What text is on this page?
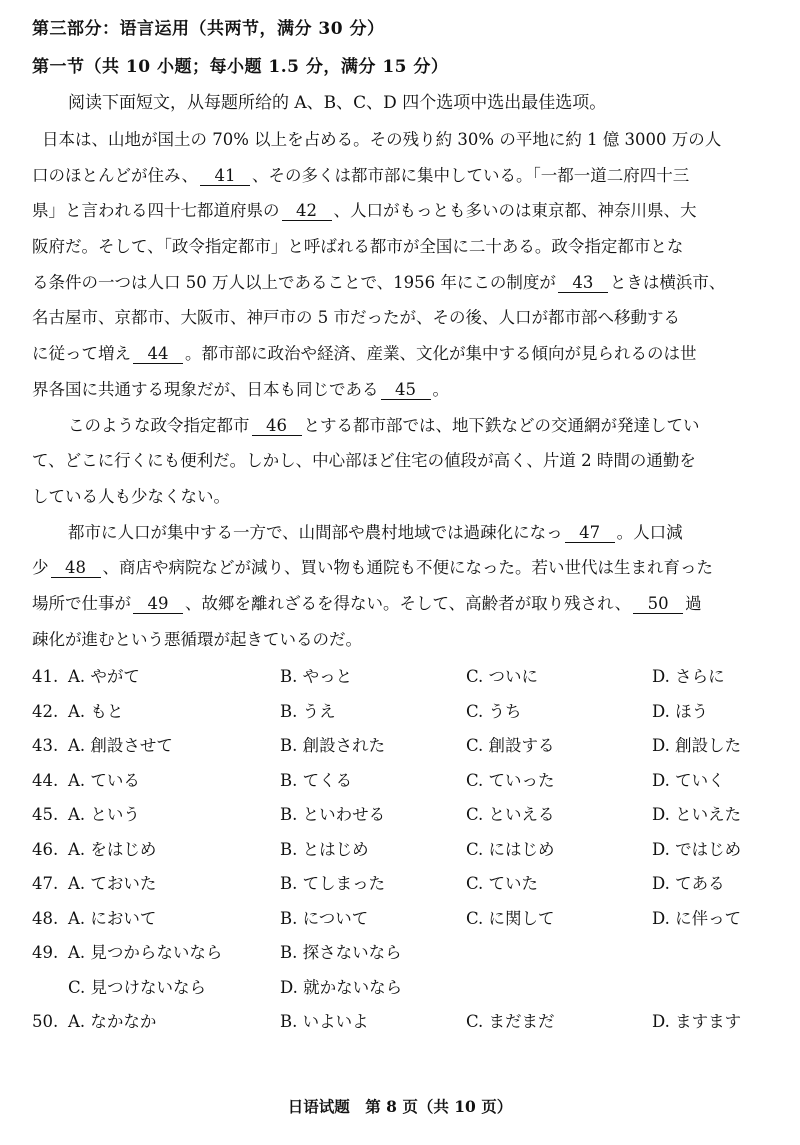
第三部分：语言运用（共两节，满分 30 分）
第一节（共 10 小题；每小题 1.5 分，满分 15 分）
阅读下面短文，从每题所给的 A、B、C、D 四个选项中选出最佳选项。
日本は、山地が国土の 70% 以上を占める。その残り約 30% の平地に約 1 億 3000 万の人
口のほとんどが住み、 41 、その多くは都市部に集中している。「一都一道二府四十三
県」と言われる四十七都道府県の 42 、人口がもっとも多いのは東京都、神奈川県、大
阪府だ。そして、「政令指定都市」と呼ばれる都市が全国に二十ある。政令指定都市とな
る条件の一つは人口 50 万人以上であることで、1956 年にこの制度が 43 ときは横浜市、
名古屋市、京都市、大阪市、神戸市の 5 市だったが、その後、人口が都市部へ移動する
に従って増え 44 。都市部に政治や経済、産業、文化が集中する傾向が見られるのは世
界各国に共通する現象だが、日本も同じである 45 。
このような政令指定都市 46 とする都市部では、地下鉄などの交通網が発達してい
て、どこに行くにも便利だ。しかし、中心部ほど住宅の値段が高く、片道 2 時間の通勤を
している人も少なくない。
都市に人口が集中する一方で、山間部や農村地域では過疎化になっ 47 。人口減
少 48 、商店や病院などが減り、買い物も通院も不便になった。若い世代は生まれ育った
場所で仕事が 49 、故郷を離れざるを得ない。そして、高齢者が取り残され、 50 過
疎化が進むという悪循環が起きているのだ。
41. A. やがて	B. やっと	C. ついに	D. さらに
42. A. もと	B. うえ	C. うち	D. ほう
43. A. 創設させて	B. 創設された	C. 創設する	D. 創設した
44. A. ている	B. てくる	C. ていった	D. ていく
45. A. という	B. といわせる	C. といえる	D. といえた
46. A. をはじめ	B. とはじめ	C. にはじめ	D. ではじめ
47. A. ておいた	B. てしまった	C. ていた	D. てある
48. A. において	B. について	C. に関して	D. に伴って
49. A. 見つからないなら	B. 探さないなら
C. 見つけないなら	D. 就かないなら
50. A. なかなか	B. いよいよ	C. まだまだ	D. ますます
日语试题　第 8 页（共 10 页）
